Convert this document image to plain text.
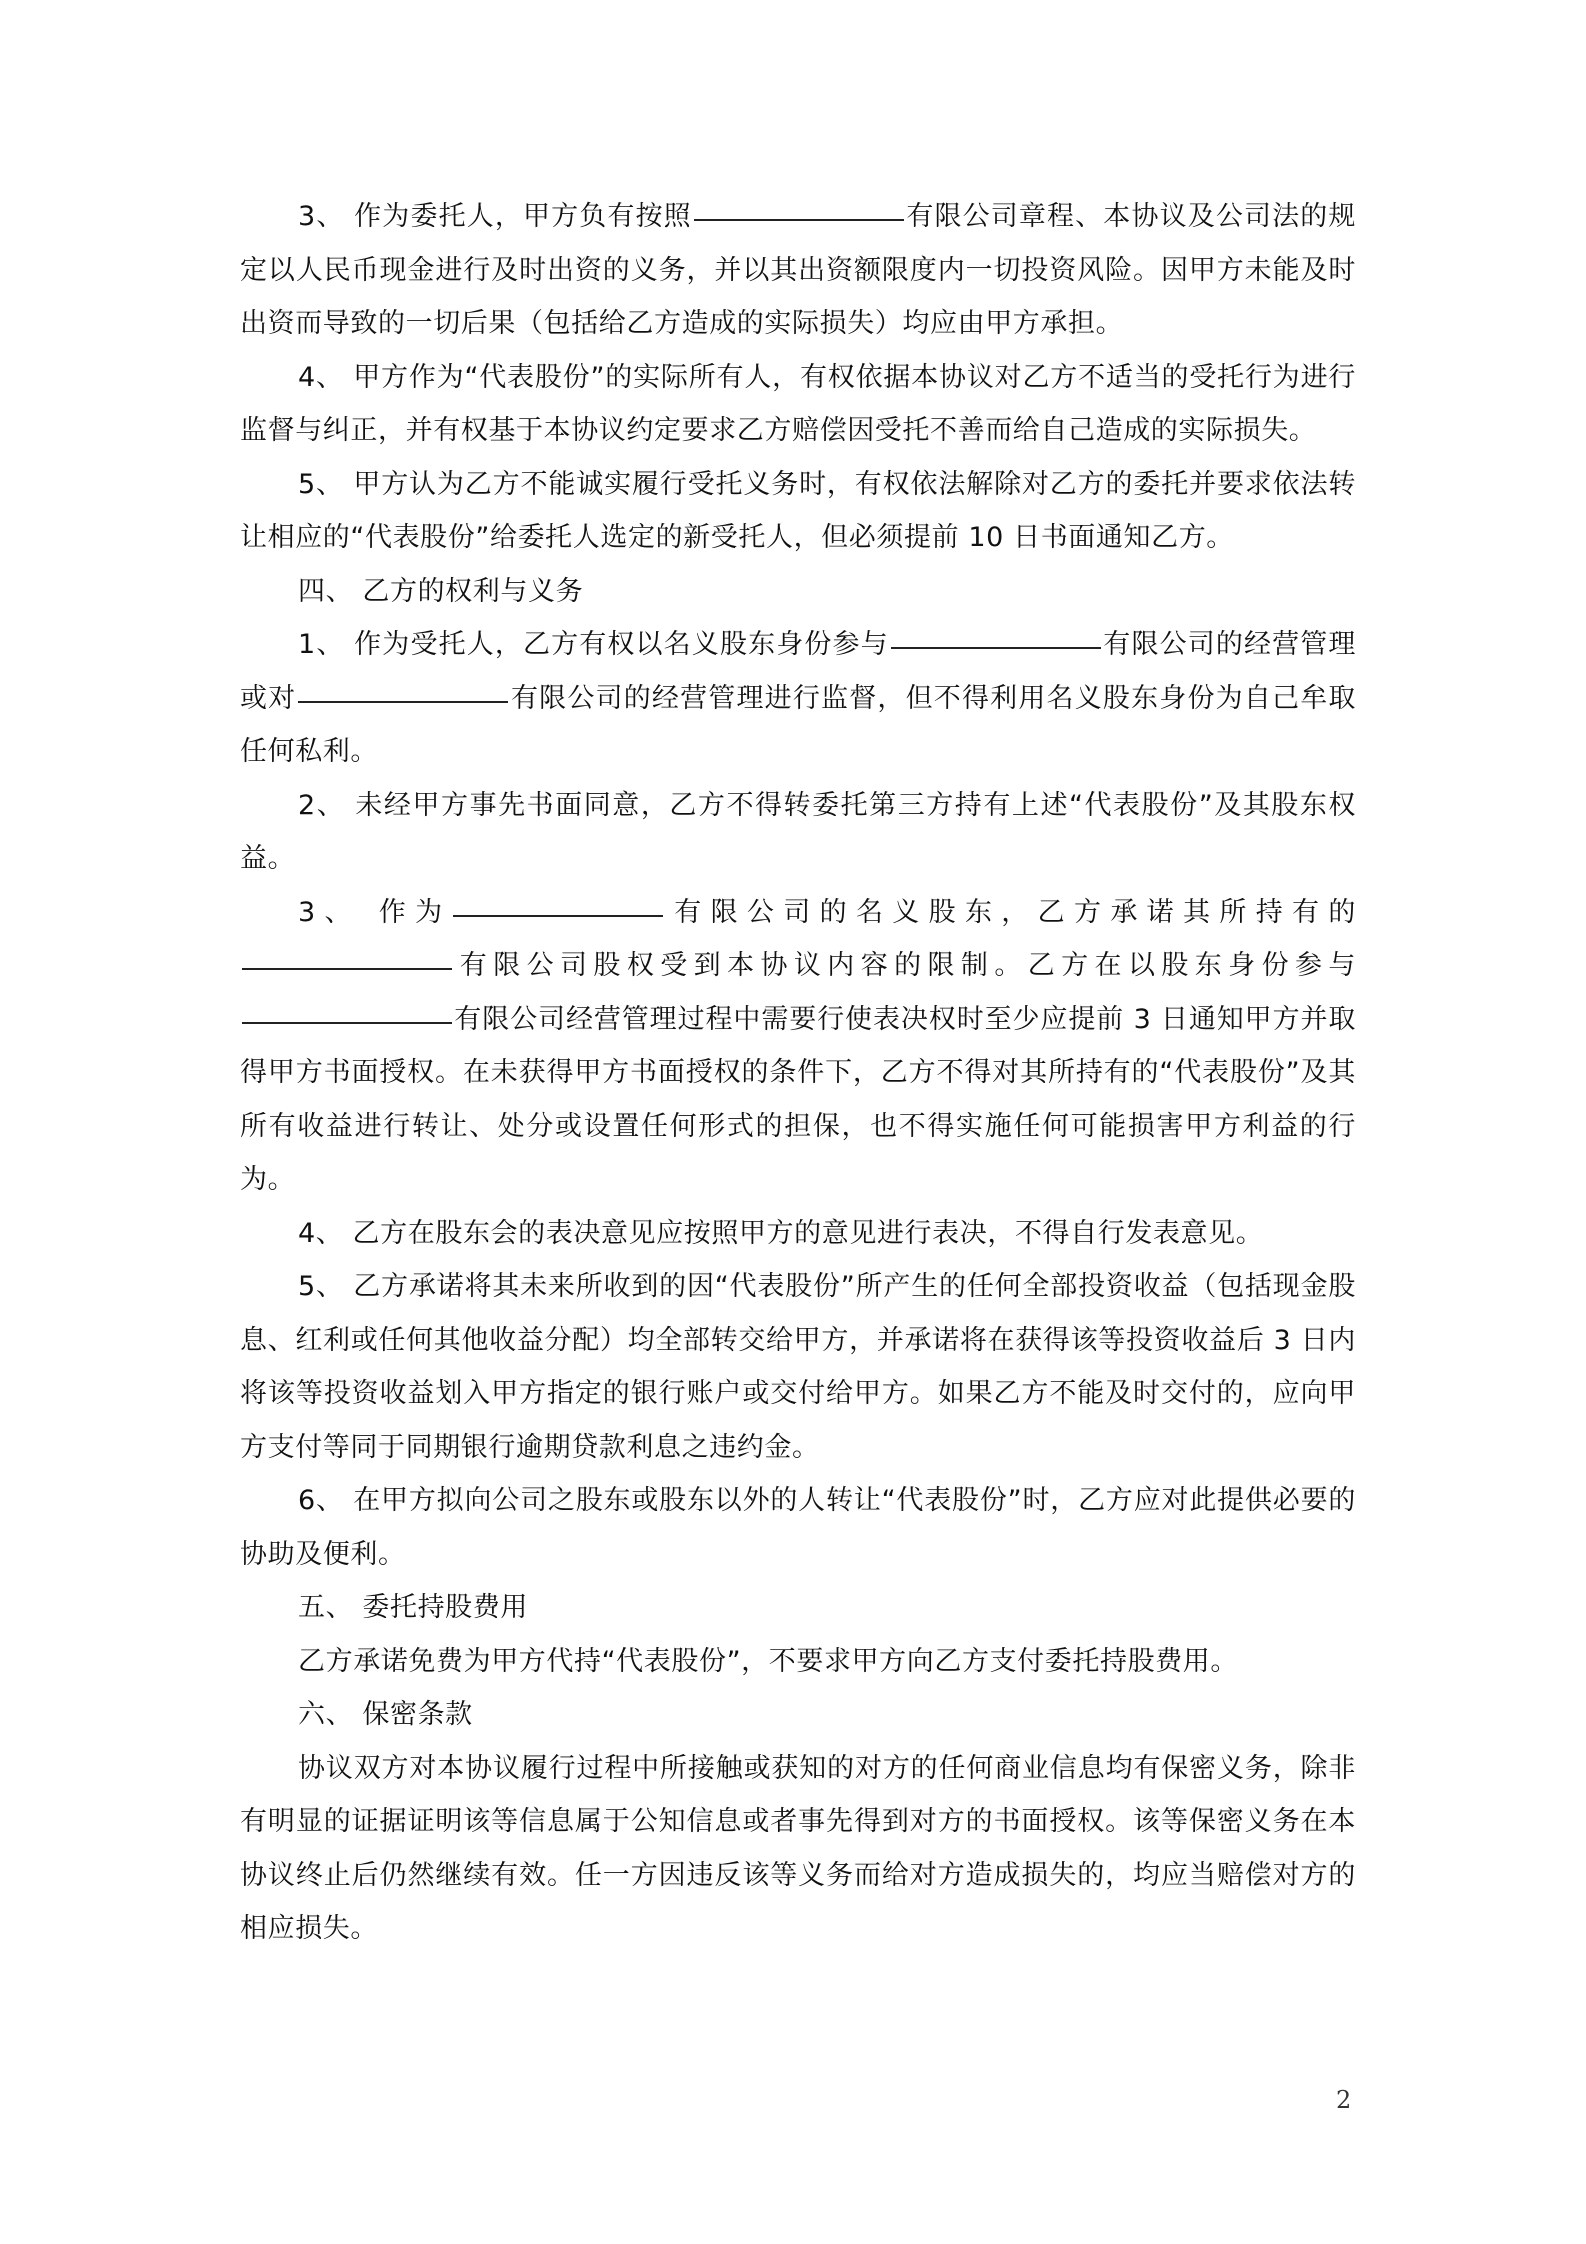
3、 作为委托人，甲方负有按照	有限公司章程、本协议及公司法的规定以人民币现金进行及时出资的义务，并以其出资额限度内一切投资风险。因甲方未能及时出资而导致的一切后果（包括给乙方造成的实际损失）均应由甲方承担。

4、 甲方作为“代表股份”的实际所有人，有权依据本协议对乙方不适当的受托行为进行监督与纠正，并有权基于本协议约定要求乙方赔偿因受托不善而给自己造成的实际损失。

5、 甲方认为乙方不能诚实履行受托义务时，有权依法解除对乙方的委托并要求依法转让相应的“代表股份”给委托人选定的新受托人，但必须提前 10 日书面通知乙方。

四、 乙方的权利与义务

1、 作为受托人，乙方有权以名义股东身份参与	有限公司的经营管理或对	有限公司的经营管理进行监督，但不得利用名义股东身份为自己牟取任何私利。

2、 未经甲方事先书面同意，乙方不得转委托第三方持有上述“代表股份”及其股东权益。

3、 作为	有限公司的名义股东，乙方承诺其所持有的有限公司股权受到本协议内容的限制。乙方在以股东身份参与有限公司经营管理过程中需要行使表决权时至少应提前 3 日通知甲方并取得甲方书面授权。在未获得甲方书面授权的条件下，乙方不得对其所持有的“代表股份”及其所有收益进行转让、处分或设置任何形式的担保，也不得实施任何可能损害甲方利益的行为。

4、 乙方在股东会的表决意见应按照甲方的意见进行表决，不得自行发表意见。

5、 乙方承诺将其未来所收到的因“代表股份”所产生的任何全部投资收益（包括现金股息、红利或任何其他收益分配）均全部转交给甲方，并承诺将在获得该等投资收益后 3 日内将该等投资收益划入甲方指定的银行账户或交付给甲方。如果乙方不能及时交付的，应向甲方支付等同于同期银行逾期贷款利息之违约金。

6、 在甲方拟向公司之股东或股东以外的人转让“代表股份”时，乙方应对此提供必要的协助及便利。

五、 委托持股费用

乙方承诺免费为甲方代持“代表股份”，不要求甲方向乙方支付委托持股费用。

六、 保密条款

协议双方对本协议履行过程中所接触或获知的对方的任何商业信息均有保密义务，除非有明显的证据证明该等信息属于公知信息或者事先得到对方的书面授权。该等保密义务在本协议终止后仍然继续有效。任一方因违反该等义务而给对方造成损失的，均应当赔偿对方的相应损失。

2
